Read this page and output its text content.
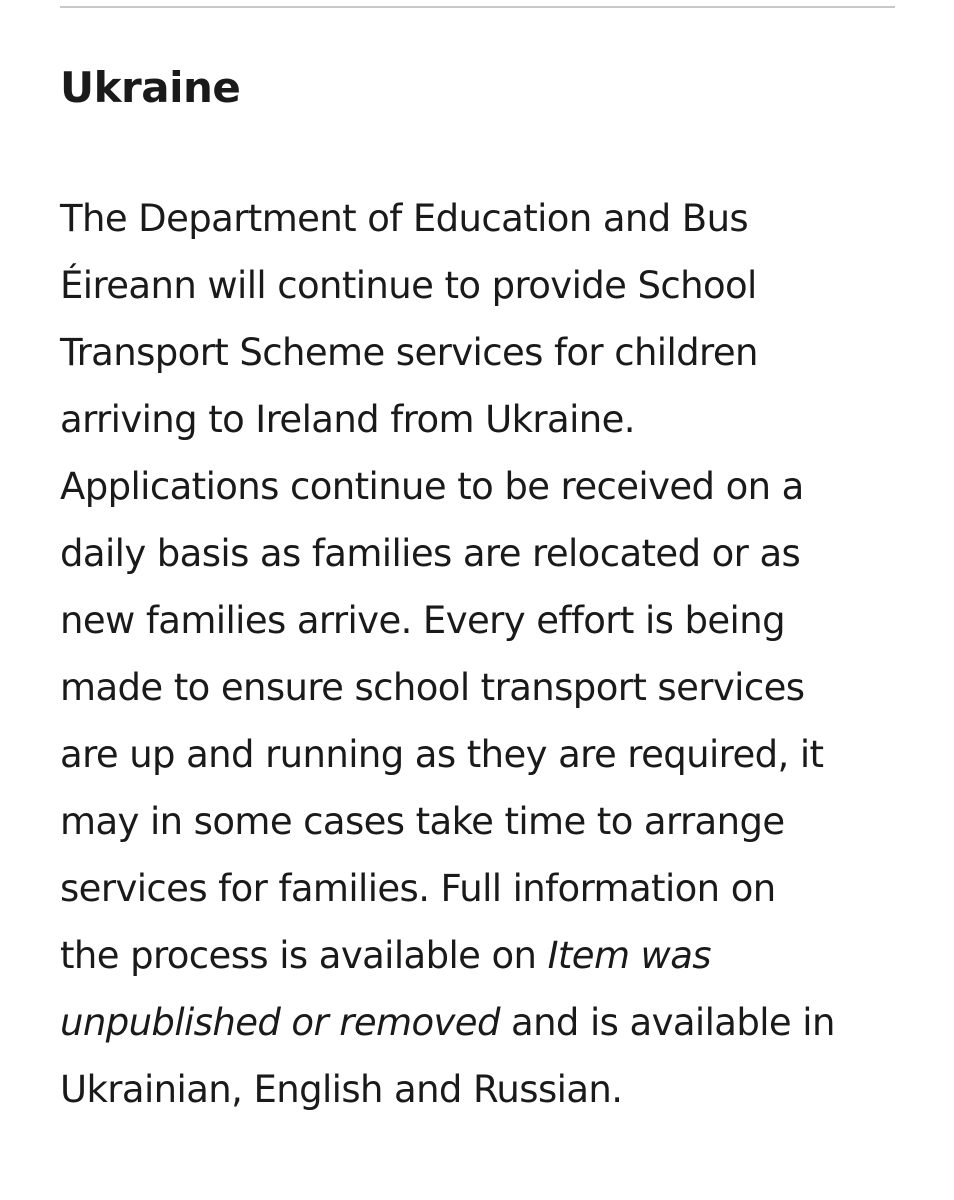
Ukraine

The Department of Education and Bus
Éireann will continue to provide School
Transport Scheme services for children
arriving to Ireland from Ukraine.
Applications continue to be received on a
daily basis as families are relocated or as
new families arrive. Every effort is being
made to ensure school transport services
are up and running as they are required, it
may in some cases take time to arrange
services for families. Full information on
the process is available on Item was
unpublished or removed and is available in
Ukrainian, English and Russian.
